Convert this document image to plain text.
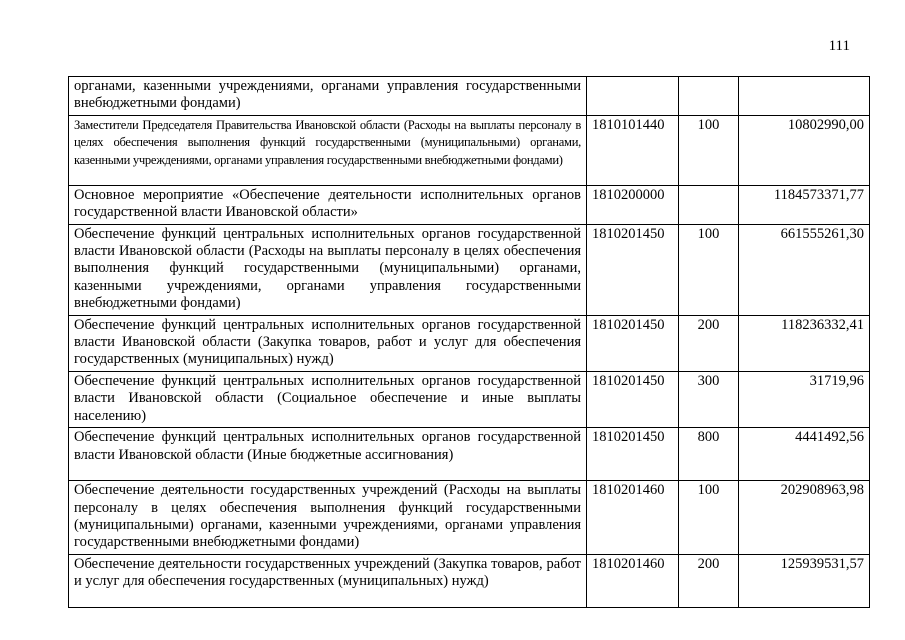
111
органами, казенными учреждениями, органами управления государственными внебюджетными фондами)			
Заместители Председателя Правительства Ивановской области (Расходы на выплаты персоналу в целях обеспечения выполнения функций государственными (муниципальными) органами, казенными учреждениями, органами управления государственными внебюджетными фондами)	1810101440	100	10802990,00
Основное мероприятие «Обеспечение деятельности исполнительных органов государственной власти Ивановской области»	1810200000		1184573371,77
Обеспечение функций центральных исполнительных органов государственной власти Ивановской области (Расходы на выплаты персоналу в целях обеспечения выполнения функций государственными (муниципальными) органами, казенными учреждениями, органами управления государственными внебюджетными фондами)	1810201450	100	661555261,30
Обеспечение функций центральных исполнительных органов государственной власти Ивановской области (Закупка товаров, работ и услуг для обеспечения государственных (муниципальных) нужд)	1810201450	200	118236332,41
Обеспечение функций центральных исполнительных органов государственной власти Ивановской области (Социальное обеспечение и иные выплаты населению)	1810201450	300	31719,96
Обеспечение функций центральных исполнительных органов государственной власти Ивановской области (Иные бюджетные ассигнования)	1810201450	800	4441492,56
Обеспечение деятельности государственных учреждений (Расходы на выплаты персоналу в целях обеспечения выполнения функций государственными (муниципальными) органами, казенными учреждениями, органами управления государственными внебюджетными фондами)	1810201460	100	202908963,98
Обеспечение деятельности государственных учреждений (Закупка товаров, работ и услуг для обеспечения государственных (муниципальных) нужд)	1810201460	200	125939531,57
